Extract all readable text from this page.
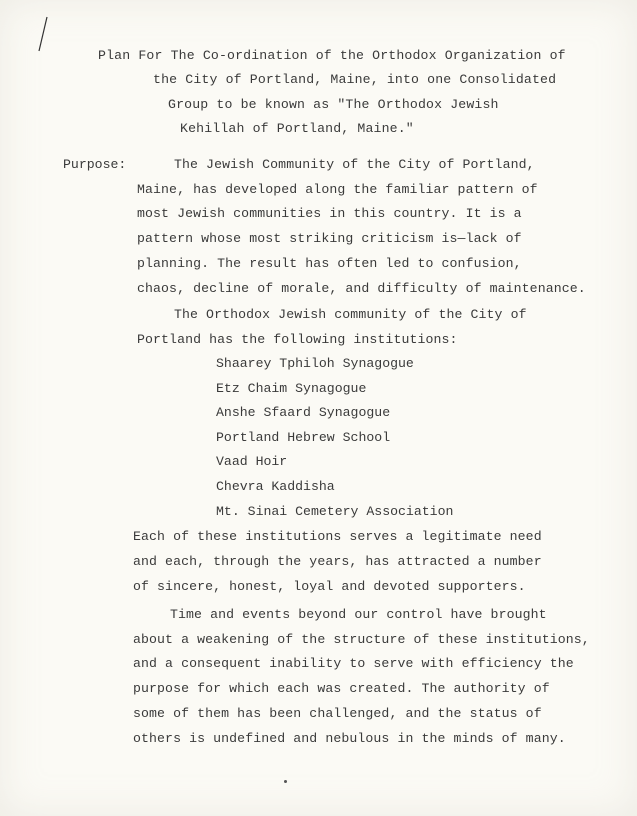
Plan For The Co-ordination of the Orthodox Organization of
the City of Portland, Maine, into one Consolidated
Group to be known as "The Orthodox Jewish
Kehillah of Portland, Maine."
Purpose:	The Jewish Community of the City of Portland,
Maine, has developed along the familiar pattern of
most Jewish communities in this country. It is a
pattern whose most striking criticism is—lack of
planning. The result has often led to confusion,
chaos, decline of morale, and difficulty of maintenance.
The Orthodox Jewish community of the City of
Portland has the following institutions:
Shaarey Tphiloh Synagogue
Etz Chaim Synagogue
Anshe Sfaard Synagogue
Portland Hebrew School
Vaad Hoir
Chevra Kaddisha
Mt. Sinai Cemetery Association
Each of these institutions serves a legitimate need
and each, through the years, has attracted a number
of sincere, honest, loyal and devoted supporters.
Time and events beyond our control have brought
about a weakening of the structure of these institutions,
and a consequent inability to serve with efficiency the
purpose for which each was created. The authority of
some of them has been challenged, and the status of
others is undefined and nebulous in the minds of many.
